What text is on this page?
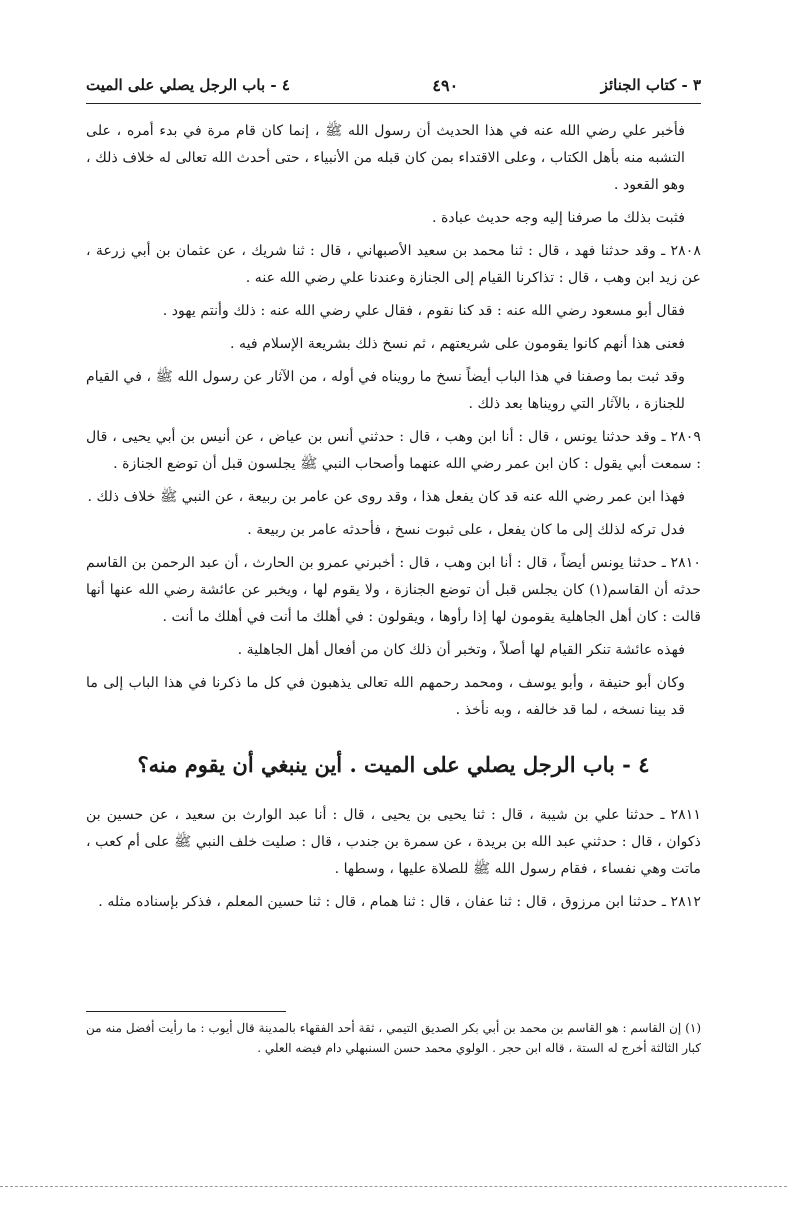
٣ - كتاب الجنائز
٤٩٠
٤ - باب الرجل يصلي على الميت

فأخبر علي رضي الله عنه في هذا الحديث أن رسول الله ﷺ ، إنما كان قام مرة في بدء أمره ، على التشبه منه بأهل الكتاب ، وعلى الاقتداء بمن كان قبله من الأنبياء ، حتى أحدث الله تعالى له خلاف ذلك ، وهو القعود .

فثبت بذلك ما صرفنا إليه وجه حديث عبادة .

٢٨٠٨ ـ وقد حدثنا فهد ، قال : ثنا محمد بن سعيد الأصبهاني ، قال : ثنا شريك ، عن عثمان بن أبي زرعة ، عن زيد ابن وهب ، قال : تذاكرنا القيام إلى الجنازة وعندنا علي رضي الله عنه .

فقال أبو مسعود رضي الله عنه : قد كنا نقوم ، فقال علي رضي الله عنه : ذلك وأنتم يهود .

فعنى هذا أنهم كانوا يقومون على شريعتهم ، ثم نسخ ذلك بشريعة الإسلام فيه .

وقد ثبت بما وصفنا في هذا الباب أيضاً نسخ ما رويناه في أوله ، من الآثار عن رسول الله ﷺ ، في القيام للجنازة ، بالآثار التي رويناها بعد ذلك .

٢٨٠٩ ـ وقد حدثنا يونس ، قال : أنا ابن وهب ، قال : حدثني أنس بن عياض ، عن أنيس بن أبي يحيى ، قال : سمعت أبي يقول : كان ابن عمر رضي الله عنهما وأصحاب النبي ﷺ يجلسون قبل أن توضع الجنازة .

فهذا ابن عمر رضي الله عنه قد كان يفعل هذا ، وقد روى عن عامر بن ربيعة ، عن النبي ﷺ خلاف ذلك .

فدل تركه لذلك إلى ما كان يفعل ، على ثبوت نسخ ، فأحدثه عامر بن ربيعة .

٢٨١٠ ـ حدثنا يونس أيضاً ، قال : أنا ابن وهب ، قال : أخبرني عمرو بن الحارث ، أن عبد الرحمن بن القاسم حدثه أن القاسم(١) كان يجلس قبل أن توضع الجنازة ، ولا يقوم لها ، ويخبر عن عائشة رضي الله عنها أنها قالت : كان أهل الجاهلية يقومون لها إذا رأوها ، ويقولون : في أهلك ما أنت في أهلك ما أنت .

فهذه عائشة تنكر القيام لها أصلاً ، وتخبر أن ذلك كان من أفعال أهل الجاهلية .

وكان أبو حنيفة ، وأبو يوسف ، ومحمد رحمهم الله تعالى يذهبون في كل ما ذكرنا في هذا الباب إلى ما قد بينا نسخه ، لما قد خالفه ، وبه نأخذ .

٤ - باب الرجل يصلي على الميت . أين ينبغي أن يقوم منه؟

٢٨١١ ـ حدثنا علي بن شيبة ، قال : ثنا يحيى بن يحيى ، قال : أنا عبد الوارث بن سعيد ، عن حسين بن ذكوان ، قال : حدثني عبد الله بن بريدة ، عن سمرة بن جندب ، قال : صليت خلف النبي ﷺ على أم كعب ، ماتت وهي نفساء ، فقام رسول الله ﷺ للصلاة عليها ، وسطها .

٢٨١٢ ـ حدثنا ابن مرزوق ، قال : ثنا عفان ، قال : ثنا همام ، قال : ثنا حسين المعلم ، فذكر بإسناده مثله .

(١) إن القاسم : هو القاسم بن محمد بن أبي بكر الصديق التيمي ، ثقة أحد الفقهاء بالمدينة قال أيوب : ما رأيت أفضل منه من كبار الثالثة أخرج له الستة ، قاله ابن حجر . الولوي محمد حسن السنبهلي دام فيضه العلي .
